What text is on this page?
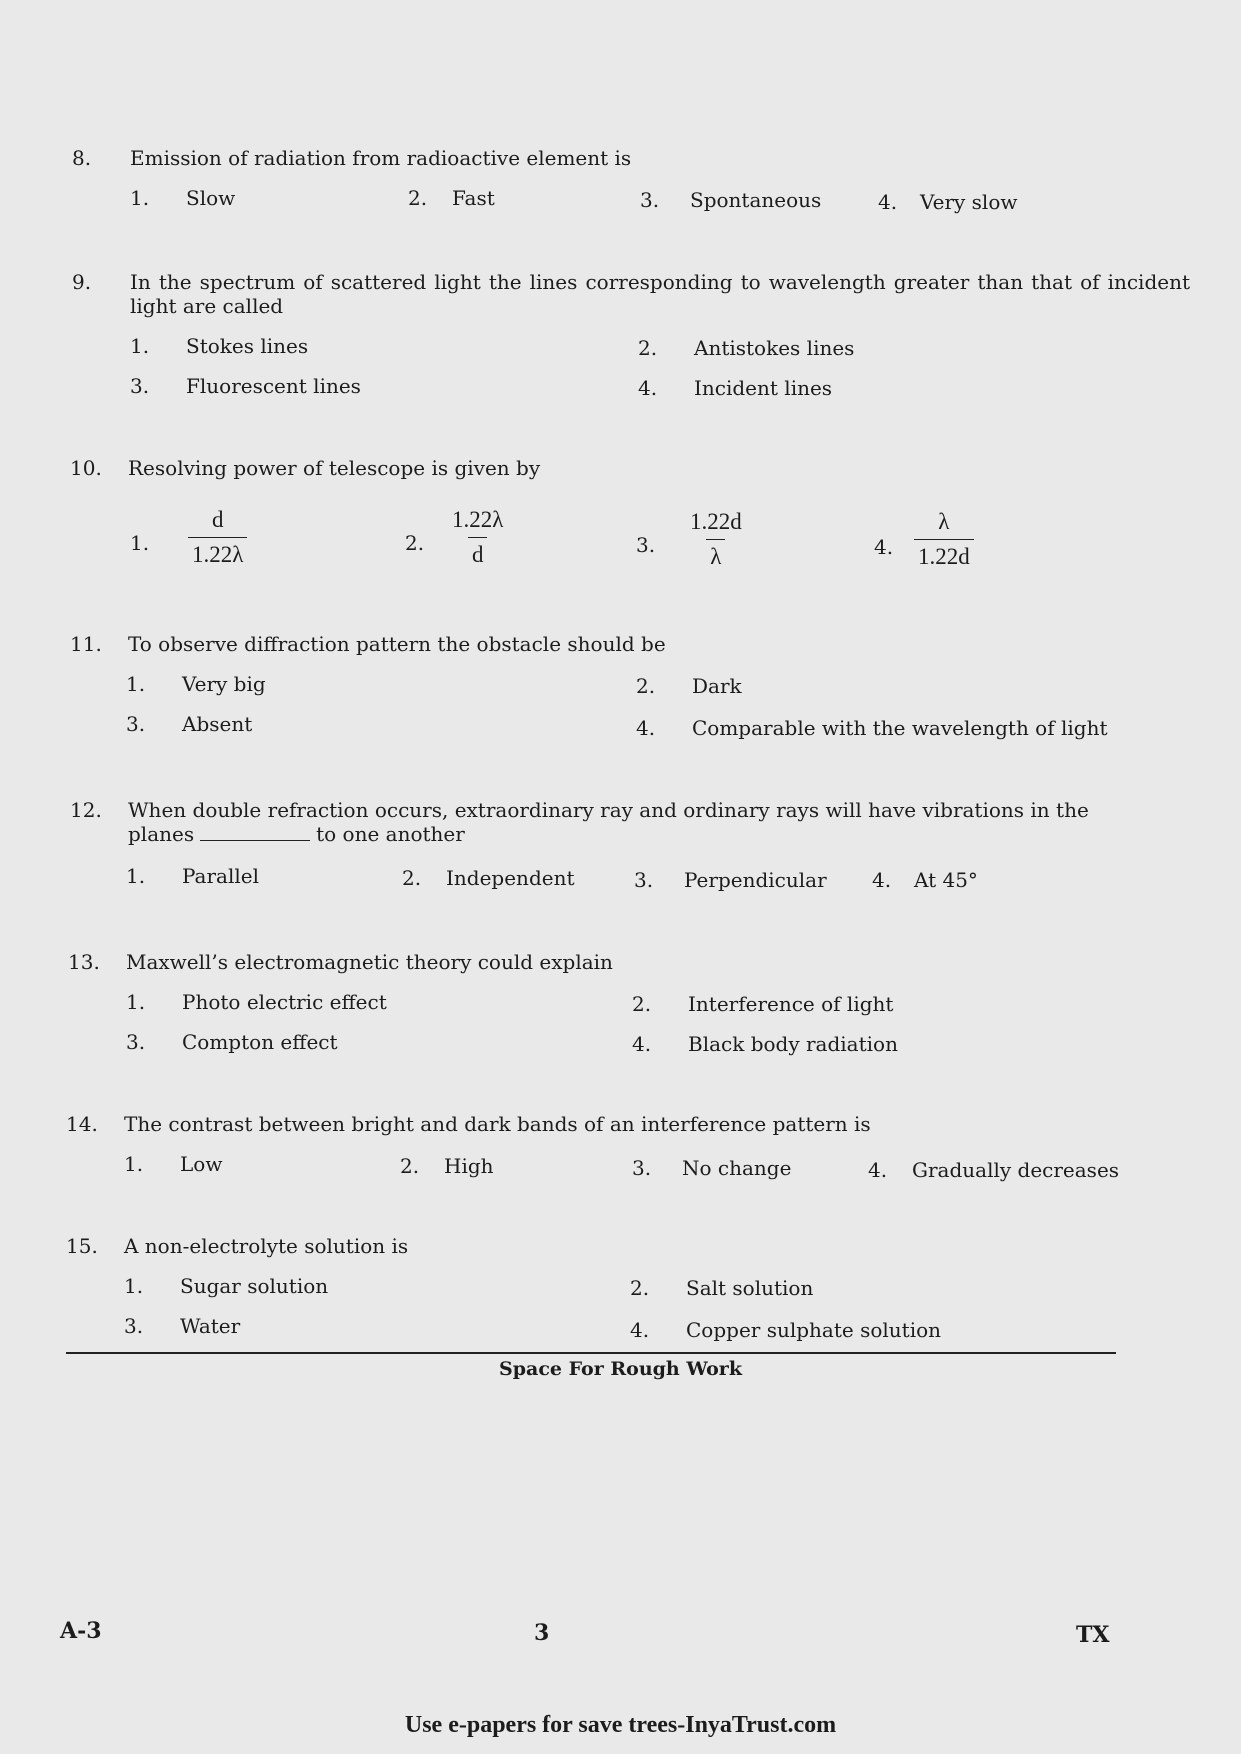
8. Emission of radiation from radioactive element is
1. Slow	2. Fast	3. Spontaneous	4. Very slow
9. In the spectrum of scattered light the lines corresponding to wavelength greater than that of incident light are called
1. Stokes lines	2. Antistokes lines
3. Fluorescent lines	4. Incident lines
10. Resolving power of telescope is given by
1. $\frac{d}{1.22\lambda}$	2. $\frac{1.22\lambda}{d}$	3. $\frac{1.22d}{\lambda}$	4. $\frac{\lambda}{1.22d}$
11. To observe diffraction pattern the obstacle should be
1. Very big	2. Dark
3. Absent	4. Comparable with the wavelength of light
12. When double refraction occurs, extraordinary ray and ordinary rays will have vibrations in the
planes	to one another
1. Parallel	2. Independent	3. Perpendicular 4. At 45°
13. Maxwell’s electromagnetic theory could explain
1. Photo electric effect	2. Interference of light
3. Compton effect	4. Black body radiation
14. The contrast between bright and dark bands of an interference pattern is
1. Low	2. High	3. No change	4. Gradually decreases
15. A non-electrolyte solution is
1. Sugar solution	2. Salt solution
3. Water	4. Copper sulphate solution
Space For Rough Work
A-3	3	TX
Use e-papers for save trees-InyaTrust.com
